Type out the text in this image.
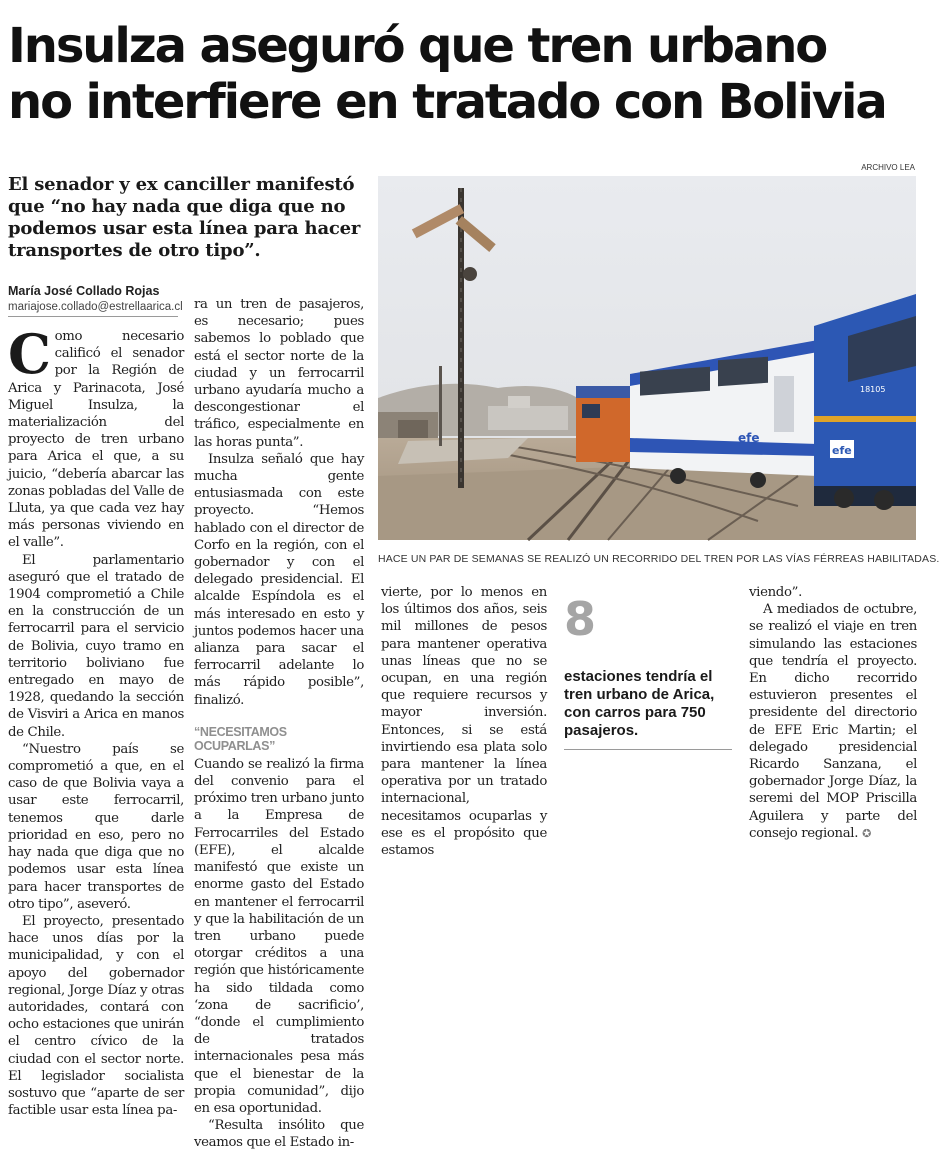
Insulza aseguró que tren urbano
no interfiere en tratado con Bolivia
El senador y ex canciller manifestó que “no hay nada que diga que no podemos usar esta línea para hacer transportes de otro tipo”.
María José Collado Rojas
mariajose.collado@estrellaarica.cl
ARCHIVO LEA
efe
efe
18105
HACE UN PAR DE SEMANAS SE REALIZÓ UN RECORRIDO DEL TREN POR LAS VÍAS FÉRREAS HABILITADAS.

Como necesario calificó el senador por la Región de Arica y Parinacota, José Miguel Insulza, la materialización del proyecto de tren urbano para Arica el que, a su juicio, “debería abarcar las zonas pobladas del Valle de Lluta, ya que cada vez hay más personas viviendo en el valle”.

El parlamentario aseguró que el tratado de 1904 comprometió a Chile en la construcción de un ferrocarril para el servicio de Bolivia, cuyo tramo en territorio boliviano fue entregado en mayo de 1928, quedando la sección de Visviri a Arica en manos de Chile.

“Nuestro país se comprometió a que, en el caso de que Bolivia vaya a usar este ferrocarril, tenemos que darle prioridad en eso, pero no hay nada que diga que no podemos usar esta línea para hacer transportes de otro tipo”, aseveró.

El proyecto, presentado hace unos días por la municipalidad, y con el apoyo del gobernador regional, Jorge Díaz y otras autoridades, contará con ocho estaciones que unirán el centro cívico de la ciudad con el sector norte. El legislador socialista sostuvo que “aparte de ser factible usar esta línea pa-

ra un tren de pasajeros, es necesario; pues sabemos lo poblado que está el sector norte de la ciudad y un ferrocarril urbano ayudaría mucho a descongestionar el tráfico, especialmente en las horas punta”.

Insulza señaló que hay mucha gente entusiasmada con este proyecto. “Hemos hablado con el director de Corfo en la región, con el gobernador y con el delegado presidencial. El alcalde Espíndola es el más interesado en esto y juntos podemos hacer una alianza para sacar el ferrocarril adelante lo más rápido posible”, finalizó.

“NECESITAMOS OCUPARLAS”

Cuando se realizó la firma del convenio para el próximo tren urbano junto a la Empresa de Ferrocarriles del Estado (EFE), el alcalde manifestó que existe un enorme gasto del Estado en mantener el ferrocarril y que la habilitación de un tren urbano puede otorgar créditos a una región que históricamente ha sido tildada como ‘zona de sacrificio’, “donde el cumplimiento de tratados internacionales pesa más que el bienestar de la propia comunidad”, dijo en esa oportunidad.

“Resulta insólito que veamos que el Estado in-

vierte, por lo menos en los últimos dos años, seis mil millones de pesos para mantener operativa unas líneas que no se ocupan, en una región que requiere recursos y mayor inversión. Entonces, si se está invirtiendo esa plata solo para mantener la línea operativa por un tratado internacional, necesitamos ocuparlas y ese es el propósito que estamos

8
estaciones tendría el tren urbano de Arica, con carros para 750 pasajeros.

viendo”.

A mediados de octubre, se realizó el viaje en tren simulando las estaciones que tendría el proyecto. En dicho recorrido estuvieron presentes el presidente del directorio de EFE Eric Martin; el delegado presidencial Ricardo Sanzana, el gobernador Jorge Díaz, la seremi del MOP Priscilla Aguilera y parte del consejo regional. ✪
